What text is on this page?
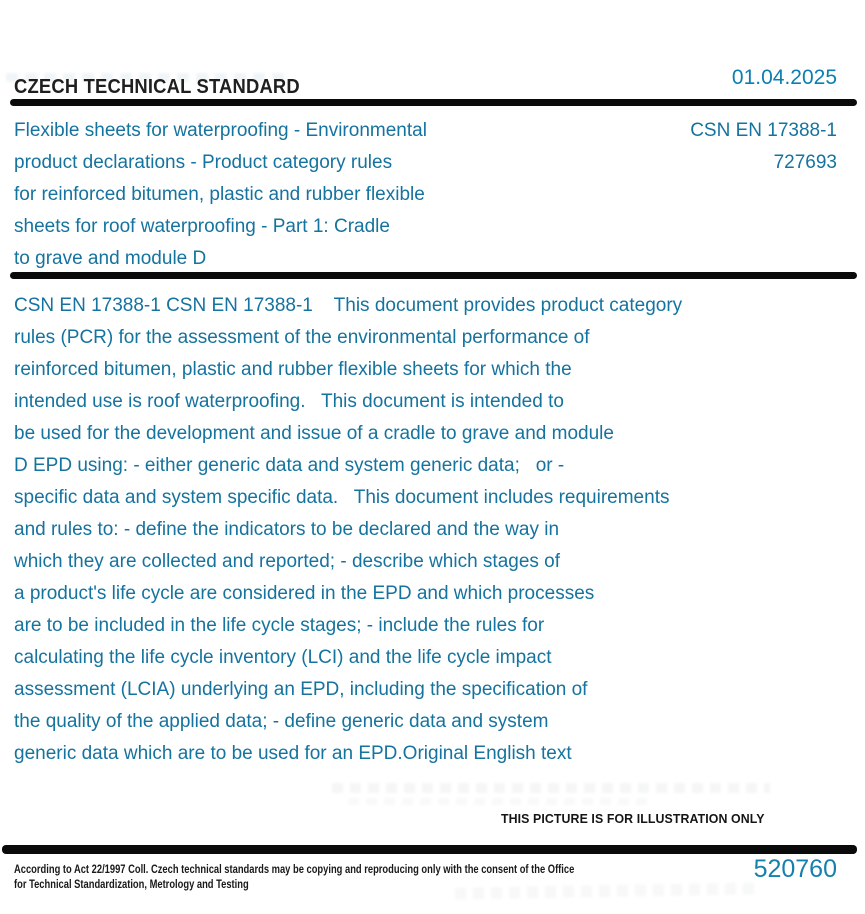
CZECH TECHNICAL STANDARD	01.04.2025
Flexible sheets for waterproofing - Environmental
product declarations - Product category rules
for reinforced bitumen, plastic and rubber flexible
sheets for roof waterproofing - Part 1: Cradle
to grave and module D
CSN EN 17388-1
727693
CSN EN 17388-1 CSN EN 17388-1    This document provides product category
rules (PCR) for the assessment of the environmental performance of
reinforced bitumen, plastic and rubber flexible sheets for which the
intended use is roof waterproofing.   This document is intended to
be used for the development and issue of a cradle to grave and module
D EPD using: - either generic data and system generic data;   or -
specific data and system specific data.   This document includes requirements
and rules to: - define the indicators to be declared and the way in
which they are collected and reported; - describe which stages of
a product's life cycle are considered in the EPD and which processes
are to be included in the life cycle stages; - include the rules for
calculating the life cycle inventory (LCI) and the life cycle impact
assessment (LCIA) underlying an EPD, including the specification of
the quality of the applied data; - define generic data and system
generic data which are to be used for an EPD.Original English text
THIS PICTURE IS FOR ILLUSTRATION ONLY
According to Act 22/1997 Coll. Czech technical standards may be copying and reproducing only with the consent of the Office
for Technical Standardization, Metrology and Testing
520760
